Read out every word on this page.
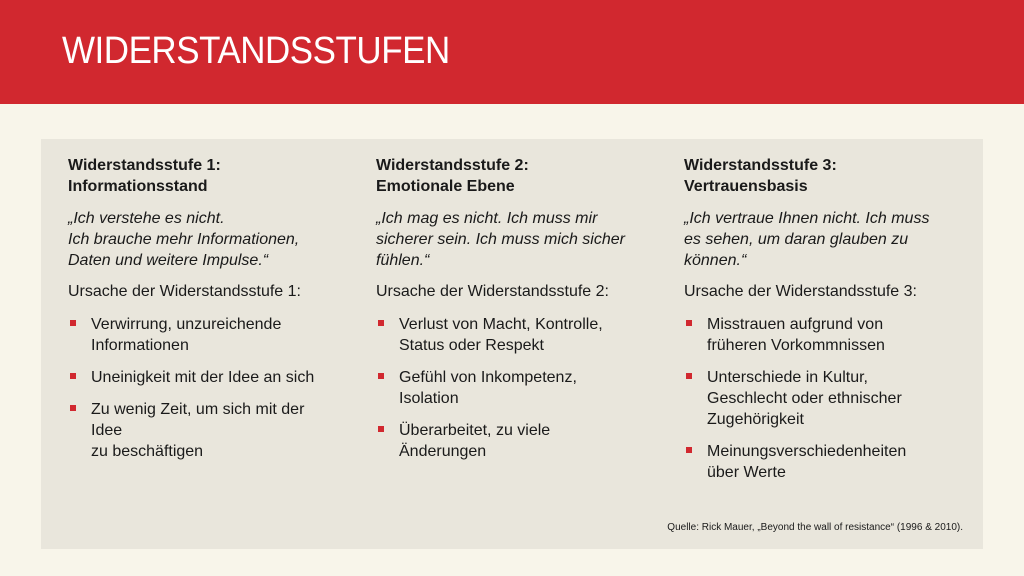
WIDERSTANDSSTUFEN

Widerstandsstufe 1:
Informationsstand

„Ich verstehe es nicht.
Ich brauche mehr Informationen,
Daten und weitere Impulse.“

Ursache der Widerstandsstufe 1:

Verwirrung, unzureichende
Informationen
Uneinigkeit mit der Idee an sich
Zu wenig Zeit, um sich mit der
Idee
zu beschäftigen

Widerstandsstufe 2:
Emotionale Ebene

„Ich mag es nicht. Ich muss mir
sicherer sein. Ich muss mich sicher
fühlen.“

Ursache der Widerstandsstufe 2:

Verlust von Macht, Kontrolle,
Status oder Respekt
Gefühl von Inkompetenz,
Isolation
Überarbeitet, zu viele
Änderungen

Widerstandsstufe 3:
Vertrauensbasis

„Ich vertraue Ihnen nicht. Ich muss
es sehen, um daran glauben zu
können.“

Ursache der Widerstandsstufe 3:

Misstrauen aufgrund von
früheren Vorkommnissen
Unterschiede in Kultur,
Geschlecht oder ethnischer
Zugehörigkeit
Meinungsverschiedenheiten
über Werte
Quelle: Rick Mauer, „Beyond the wall of resistance“ (1996 & 2010).
